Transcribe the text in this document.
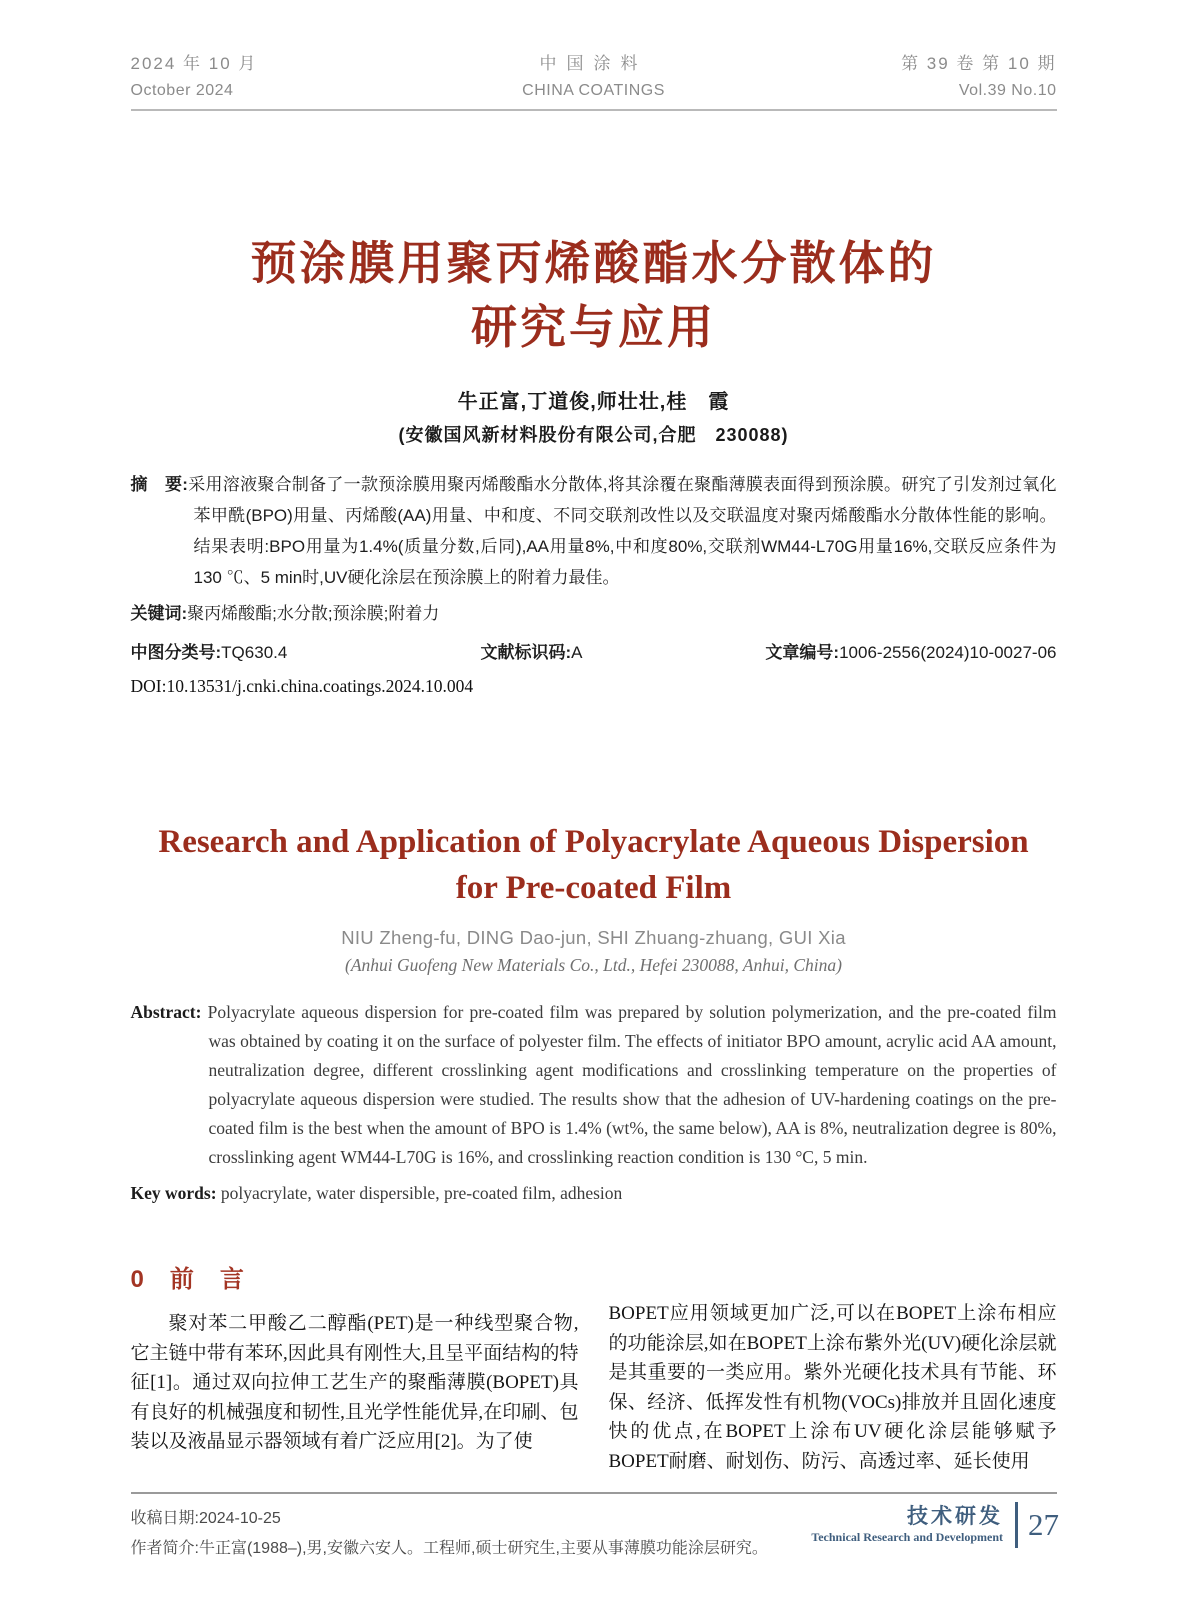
2024 年 10 月
October 2024
中国涂料
CHINA COATINGS
第 39 卷 第 10 期
Vol.39 No.10
预涂膜用聚丙烯酸酯水分散体的
研究与应用
牛正富,丁道俊,师壮壮,桂　霞
(安徽国风新材料股份有限公司,合肥　230088)

摘　要:采用溶液聚合制备了一款预涂膜用聚丙烯酸酯水分散体,将其涂覆在聚酯薄膜表面得到预涂膜。研究了引发剂过氧化苯甲酰(BPO)用量、丙烯酸(AA)用量、中和度、不同交联剂改性以及交联温度对聚丙烯酸酯水分散体性能的影响。结果表明:BPO用量为1.4%(质量分数,后同),AA用量8%,中和度80%,交联剂WM44-L70G用量16%,交联反应条件为130 ℃、5 min时,UV硬化涂层在预涂膜上的附着力最佳。

关键词:聚丙烯酸酯;水分散;预涂膜;附着力

中图分类号:TQ630.4	文献标识码:A	文章编号:1006-2556(2024)10-0027-06
DOI:10.13531/j.cnki.china.coatings.2024.10.004
Research and Application of Polyacrylate Aqueous Dispersion
for Pre-coated Film
NIU Zheng-fu, DING Dao-jun, SHI Zhuang-zhuang, GUI Xia
(Anhui Guofeng New Materials Co., Ltd., Hefei 230088, Anhui, China)

Abstract: Polyacrylate aqueous dispersion for pre-coated film was prepared by solution polymerization, and the pre-coated film was obtained by coating it on the surface of polyester film. The effects of initiator BPO amount, acrylic acid AA amount, neutralization degree, different crosslinking agent modifications and crosslinking temperature on the properties of polyacrylate aqueous dispersion were studied. The results show that the adhesion of UV-hardening coatings on the pre-coated film is the best when the amount of BPO is 1.4% (wt%, the same below), AA is 8%, neutralization degree is 80%, crosslinking agent WM44-L70G is 16%, and crosslinking reaction condition is 130 °C, 5 min.

Key words: polyacrylate, water dispersible, pre-coated film, adhesion

0 前言

聚对苯二甲酸乙二醇酯(PET)是一种线型聚合物,它主链中带有苯环,因此具有刚性大,且呈平面结构的特征[1]。通过双向拉伸工艺生产的聚酯薄膜(BOPET)具有良好的机械强度和韧性,且光学性能优异,在印刷、包装以及液晶显示器领域有着广泛应用[2]。为了使

BOPET应用领域更加广泛,可以在BOPET上涂布相应的功能涂层,如在BOPET上涂布紫外光(UV)硬化涂层就是其重要的一类应用。紫外光硬化技术具有节能、环保、经济、低挥发性有机物(VOCs)排放并且固化速度快的优点,在BOPET上涂布UV硬化涂层能够赋予BOPET耐磨、耐划伤、防污、高透过率、延长使用

收稿日期:2024-10-25
作者简介:牛正富(1988–),男,安徽六安人。工程师,硕士研究生,主要从事薄膜功能涂层研究。
技术研发
Technical Research and Development 27
